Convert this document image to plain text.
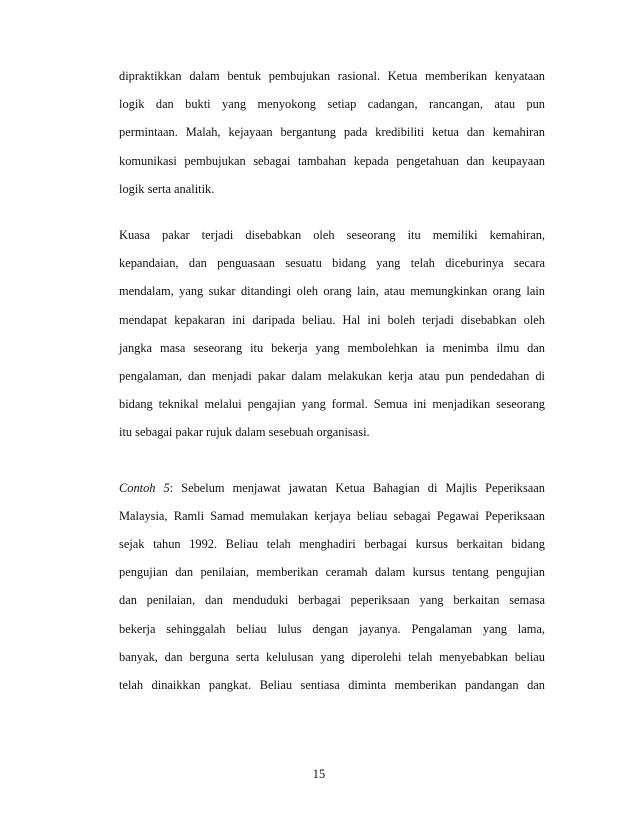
dipraktikkan dalam bentuk pembujukan rasional. Ketua memberikan kenyataan
logik dan bukti yang menyokong setiap cadangan, rancangan, atau pun
permintaan. Malah, kejayaan bergantung pada kredibiliti ketua dan kemahiran
komunikasi pembujukan sebagai tambahan kepada pengetahuan dan keupayaan
logik serta analitik.

Kuasa pakar terjadi disebabkan oleh seseorang itu memiliki kemahiran,
kepandaian, dan penguasaan sesuatu bidang yang telah diceburinya secara
mendalam, yang sukar ditandingi oleh orang lain, atau memungkinkan orang lain
mendapat kepakaran ini daripada beliau. Hal ini boleh terjadi disebabkan oleh
jangka masa seseorang itu bekerja yang membolehkan ia menimba ilmu dan
pengalaman, dan menjadi pakar dalam melakukan kerja atau pun pendedahan di
bidang teknikal melalui pengajian yang formal. Semua ini menjadikan seseorang
itu sebagai pakar rujuk dalam sesebuah organisasi.

Contoh 5: Sebelum menjawat jawatan Ketua Bahagian di Majlis Peperiksaan
Malaysia, Ramli Samad memulakan kerjaya beliau sebagai Pegawai Peperiksaan
sejak tahun 1992. Beliau telah menghadiri berbagai kursus berkaitan bidang
pengujian dan penilaian, memberikan ceramah dalam kursus tentang pengujian
dan penilaian, dan menduduki berbagai peperiksaan yang berkaitan semasa
bekerja sehinggalah beliau lulus dengan jayanya. Pengalaman yang lama,
banyak, dan berguna serta kelulusan yang diperolehi telah menyebabkan beliau
telah dinaikkan pangkat. Beliau sentiasa diminta memberikan pandangan dan

15
